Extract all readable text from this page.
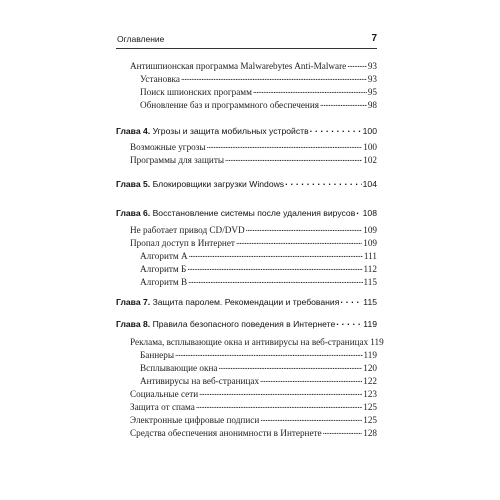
Оглавление	7
Антишпионская программа Malwarebytes Anti-Malware . . . 93
Установка . . .	93
Поиск шпионских программ . . .	95
Обновление баз и программного обеспечения . . .	98
Глава 4. Угрозы и защита мобильных устройств . . .	100
Возможные угрозы . . .	100
Программы для защиты . . .	102
Глава 5. Блокировщики загрузки Windows . . .	104
Глава 6. Восстановление системы после удаления вирусов . . . 108
Не работает привод CD/DVD . . .	109
Пропал доступ в Интернет . . .	109
Алгоритм А . . .	111
Алгоритм Б . . .	112
Алгоритм В . . .	115
Глава 7. Защита паролем. Рекомендации и требования . . .	115
Глава 8. Правила безопасного поведения в Интернете . . .	119
Реклама, всплывающие окна и антивирусы на веб-страницах 119
Баннеры . . .	119
Всплывающие окна . . .	120
Антивирусы на веб-страницах . . .	122
Социальные сети . . .	123
Защита от спама . . .	125
Электронные цифровые подписи . . .	125
Средства обеспечения анонимности в Интернете . . .	128
